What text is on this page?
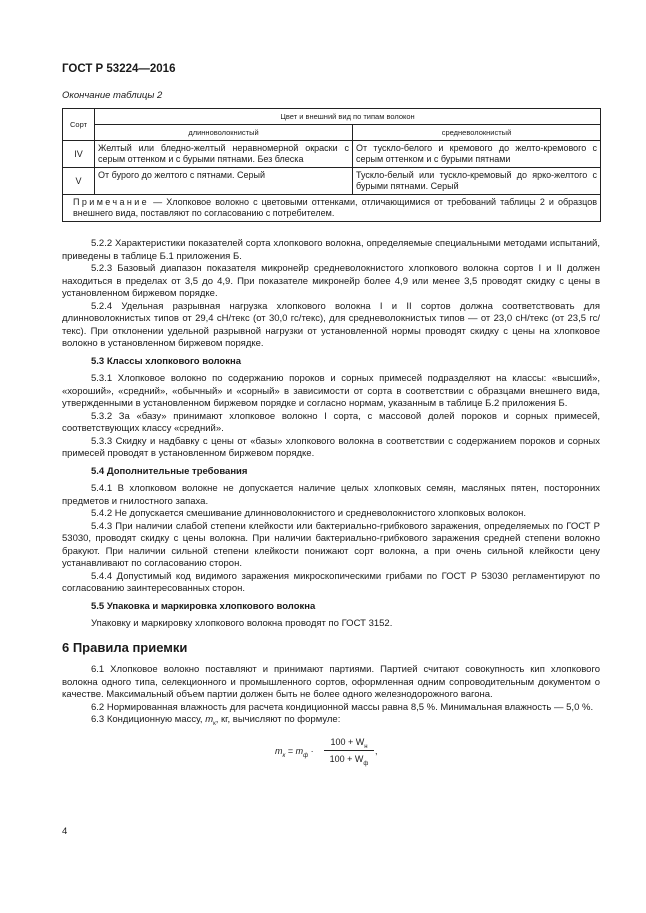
ГОСТ Р 53224—2016
Окончание таблицы 2
Сорт	Цвет и внешний вид по типам волокон	
	длинноволокнистый	средневолокнистый
IV	Желтый или бледно-желтый неравномерной окраски с серым оттенком и с бурыми пятнами. Без блеска	От тускло-белого и кремового до желто-кремового с серым оттенком и с бурыми пятнами
V	От бурого до желтого с пятнами. Серый	Тускло-белый или тускло-кремовый до ярко-желтого с бурыми пятнами. Серый
Примечание — Хлопковое волокно с цветовыми оттенками, отличающимися от требований таблицы 2 и образцов внешнего вида, поставляют по согласованию с потребителем.		

5.2.2 Характеристики показателей сорта хлопкового волокна, определяемые специальными методами испытаний, приведены в таблице Б.1 приложения Б.

5.2.3 Базовый диапазон показателя микронейр средневолокнистого хлопкового волокна сортов I и II должен находиться в пределах от 3,5 до 4,9. При показателе микронейр более 4,9 или менее 3,5 проводят скидку с цены в установленном биржевом порядке.

5.2.4 Удельная разрывная нагрузка хлопкового волокна I и II сортов должна соответствовать для длинноволокнистых типов от 29,4 сН/текс (от 30,0 гс/текс), для средневолокнистых типов — от 23,0 сН/текс (от 23,5 гс/текс). При отклонении удельной разрывной нагрузки от установленной нормы проводят скидку с цены на хлопковое волокно в установленном биржевом порядке.

5.3 Классы хлопкового волокна

5.3.1 Хлопковое волокно по содержанию пороков и сорных примесей подразделяют на классы: «высший», «хороший», «средний», «обычный» и «сорный» в зависимости от сорта в соответствии с образцами внешнего вида, утвержденными в установленном биржевом порядке и согласно нормам, указанным в таблице Б.2 приложения Б.

5.3.2 За «базу» принимают хлопковое волокно I сорта, с массовой долей пороков и сорных примесей, соответствующих классу «средний».

5.3.3 Скидку и надбавку с цены от «базы» хлопкового волокна в соответствии с содержанием пороков и сорных примесей проводят в установленном биржевом порядке.

5.4 Дополнительные требования

5.4.1 В хлопковом волокне не допускается наличие целых хлопковых семян, масляных пятен, посторонних предметов и гнилостного запаха.

5.4.2 Не допускается смешивание длинноволокнистого и средневолокнистого хлопковых волокон.

5.4.3 При наличии слабой степени клейкости или бактериально-грибкового заражения, определяемых по ГОСТ Р 53030, проводят скидку с цены волокна. При наличии бактериально-грибкового заражения средней степени волокно бракуют. При наличии сильной степени клейкости понижают сорт волокна, а при очень сильной клейкости цену устанавливают по согласованию сторон.

5.4.4 Допустимый код видимого заражения микроскопическими грибами по ГОСТ Р 53030 регламентируют по согласованию заинтересованных сторон.

5.5 Упаковка и маркировка хлопкового волокна

Упаковку и маркировку хлопкового волокна проводят по ГОСТ 3152.

6 Правила приемки

6.1 Хлопковое волокно поставляют и принимают партиями. Партией считают совокупность кип хлопкового волокна одного типа, селекционного и промышленного сортов, оформленная одним сопроводительным документом о качестве. Максимальный объем партии должен быть не более одного железнодорожного вагона.

6.2 Нормированная влажность для расчета кондиционной массы равна 8,5 %. Минимальная влажность — 5,0 %.

6.3 Кондиционную массу, $m_к$, кг, вычисляют по формуле:

$m_к = m_ф$ ·
$100 + W_н$
$100 + W_ф$
,
4
